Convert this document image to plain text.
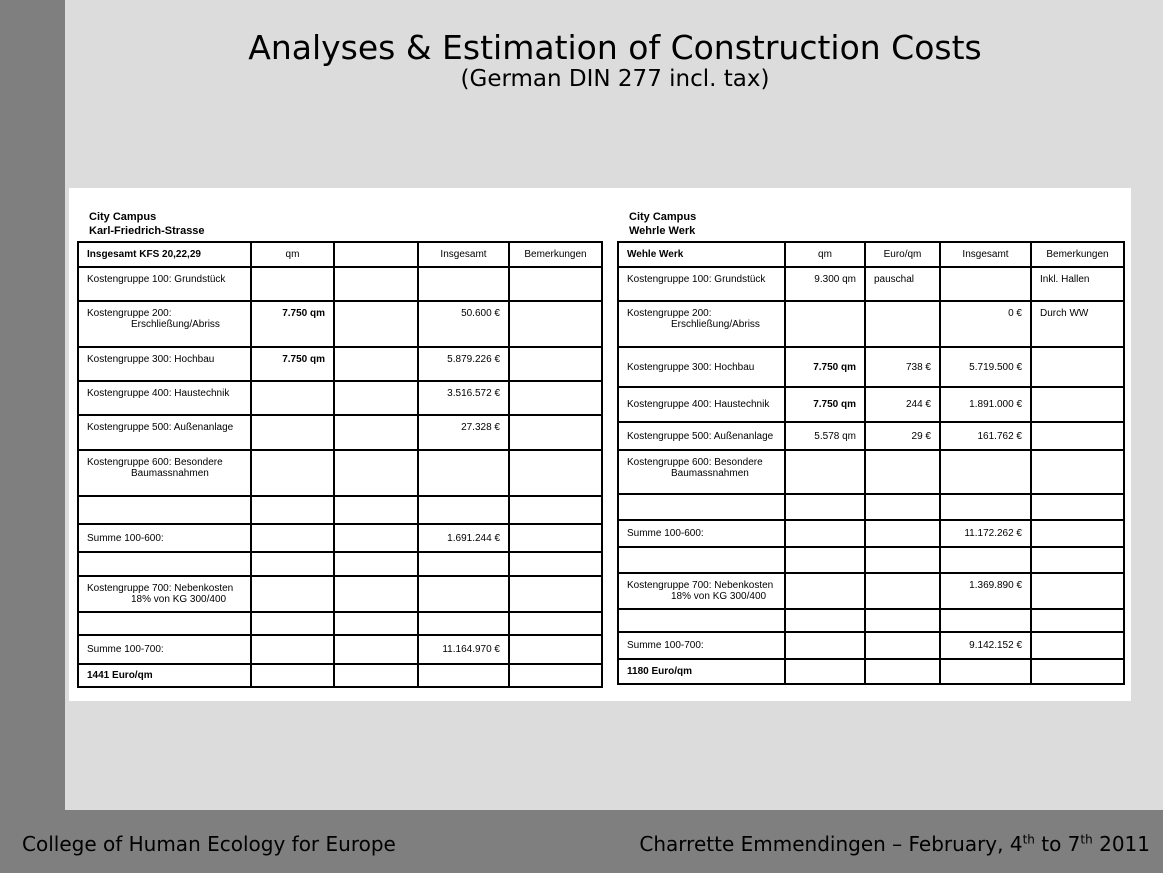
Analyses & Estimation of Construction Costs
(German DIN 277 incl. tax)
City Campus
Karl-Friedrich-Strasse
City Campus
Wehrle Werk
Insgesamt KFS 20,22,29	qm		Insgesamt	Bemerkungen
Kostengruppe 100: Grundstück

Kostengruppe 200:
Erschließung/Abriss	7.750 qm		50.600 €	
Kostengruppe 300: Hochbau	7.750 qm		5.879.226 €	
Kostengruppe 400: Haustechnik			3.516.572 €	
Kostengruppe 500: Außenanlage			27.328 €	
Kostengruppe 600: Besondere
Baumassnahmen				

Summe 100-600:			1.691.244 €	

Kostengruppe 700: Nebenkosten
18% von KG 300/400				

Summe 100-700:			11.164.970 €	
1441 Euro/qm				
Wehle Werk	qm	Euro/qm	Insgesamt	Bemerkungen
Kostengruppe 100: Grundstück	9.300 qm	pauschal		Inkl. Hallen
Kostengruppe 200:
Erschließung/Abriss			0 €	Durch WW
Kostengruppe 300: Hochbau	7.750 qm	738 €	5.719.500 €	
Kostengruppe 400: Haustechnik	7.750 qm	244 €	1.891.000 €	
Kostengruppe 500: Außenanlage	5.578 qm	29 €	161.762 €	
Kostengruppe 600: Besondere
Baumassnahmen				

Summe 100-600:			11.172.262 €	

Kostengruppe 700: Nebenkosten
18% von KG 300/400			1.369.890 €	

Summe 100-700:			9.142.152 €	
1180 Euro/qm				
College of Human Ecology for Europe	Charrette Emmendingen – February, 4th to 7th 2011
